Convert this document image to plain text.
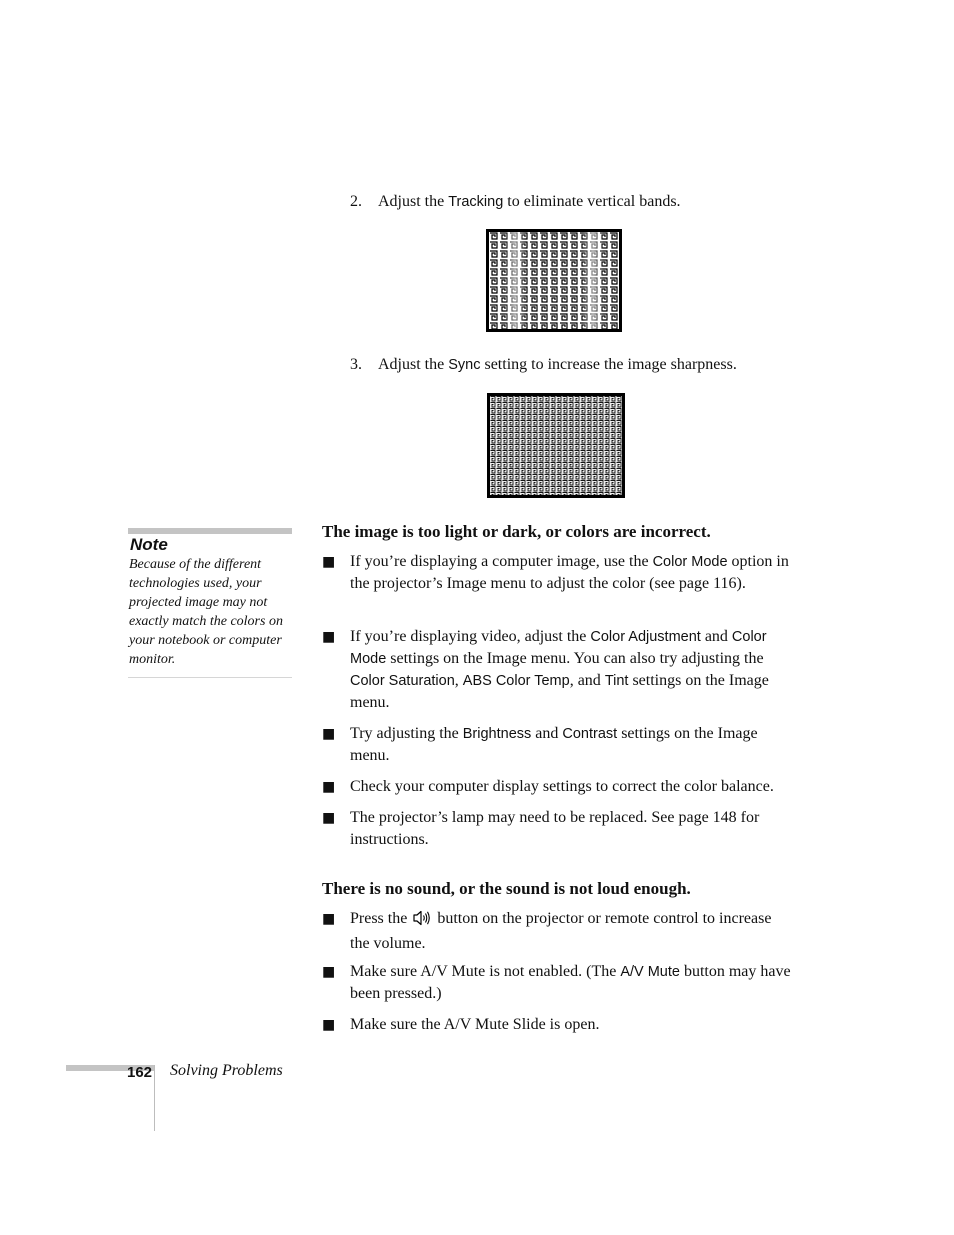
2. Adjust the Tracking to eliminate vertical bands.
3. Adjust the Sync setting to increase the image sharpness.
Note
Because of the different technologies used, your projected image may not exactly match the colors on your notebook or computer monitor.
The image is too light or dark, or colors are incorrect.
■ If you’re displaying a computer image, use the Color Mode option in the projector’s Image menu to adjust the color (see page 116).
■ If you’re displaying video, adjust the Color Adjustment and Color Mode settings on the Image menu. You can also try adjusting the Color Saturation, ABS Color Temp, and Tint settings on the Image menu.
■ Try adjusting the Brightness and Contrast settings on the Image menu.
■ Check your computer display settings to correct the color balance.
■ The projector’s lamp may need to be replaced. See page 148 for instructions.
There is no sound, or the sound is not loud enough.
■ Press the  button on the projector or remote control to increase the volume.
■ Make sure A/V Mute is not enabled. (The A/V Mute button may have been pressed.)
■ Make sure the A/V Mute Slide is open.
162 Solving Problems
